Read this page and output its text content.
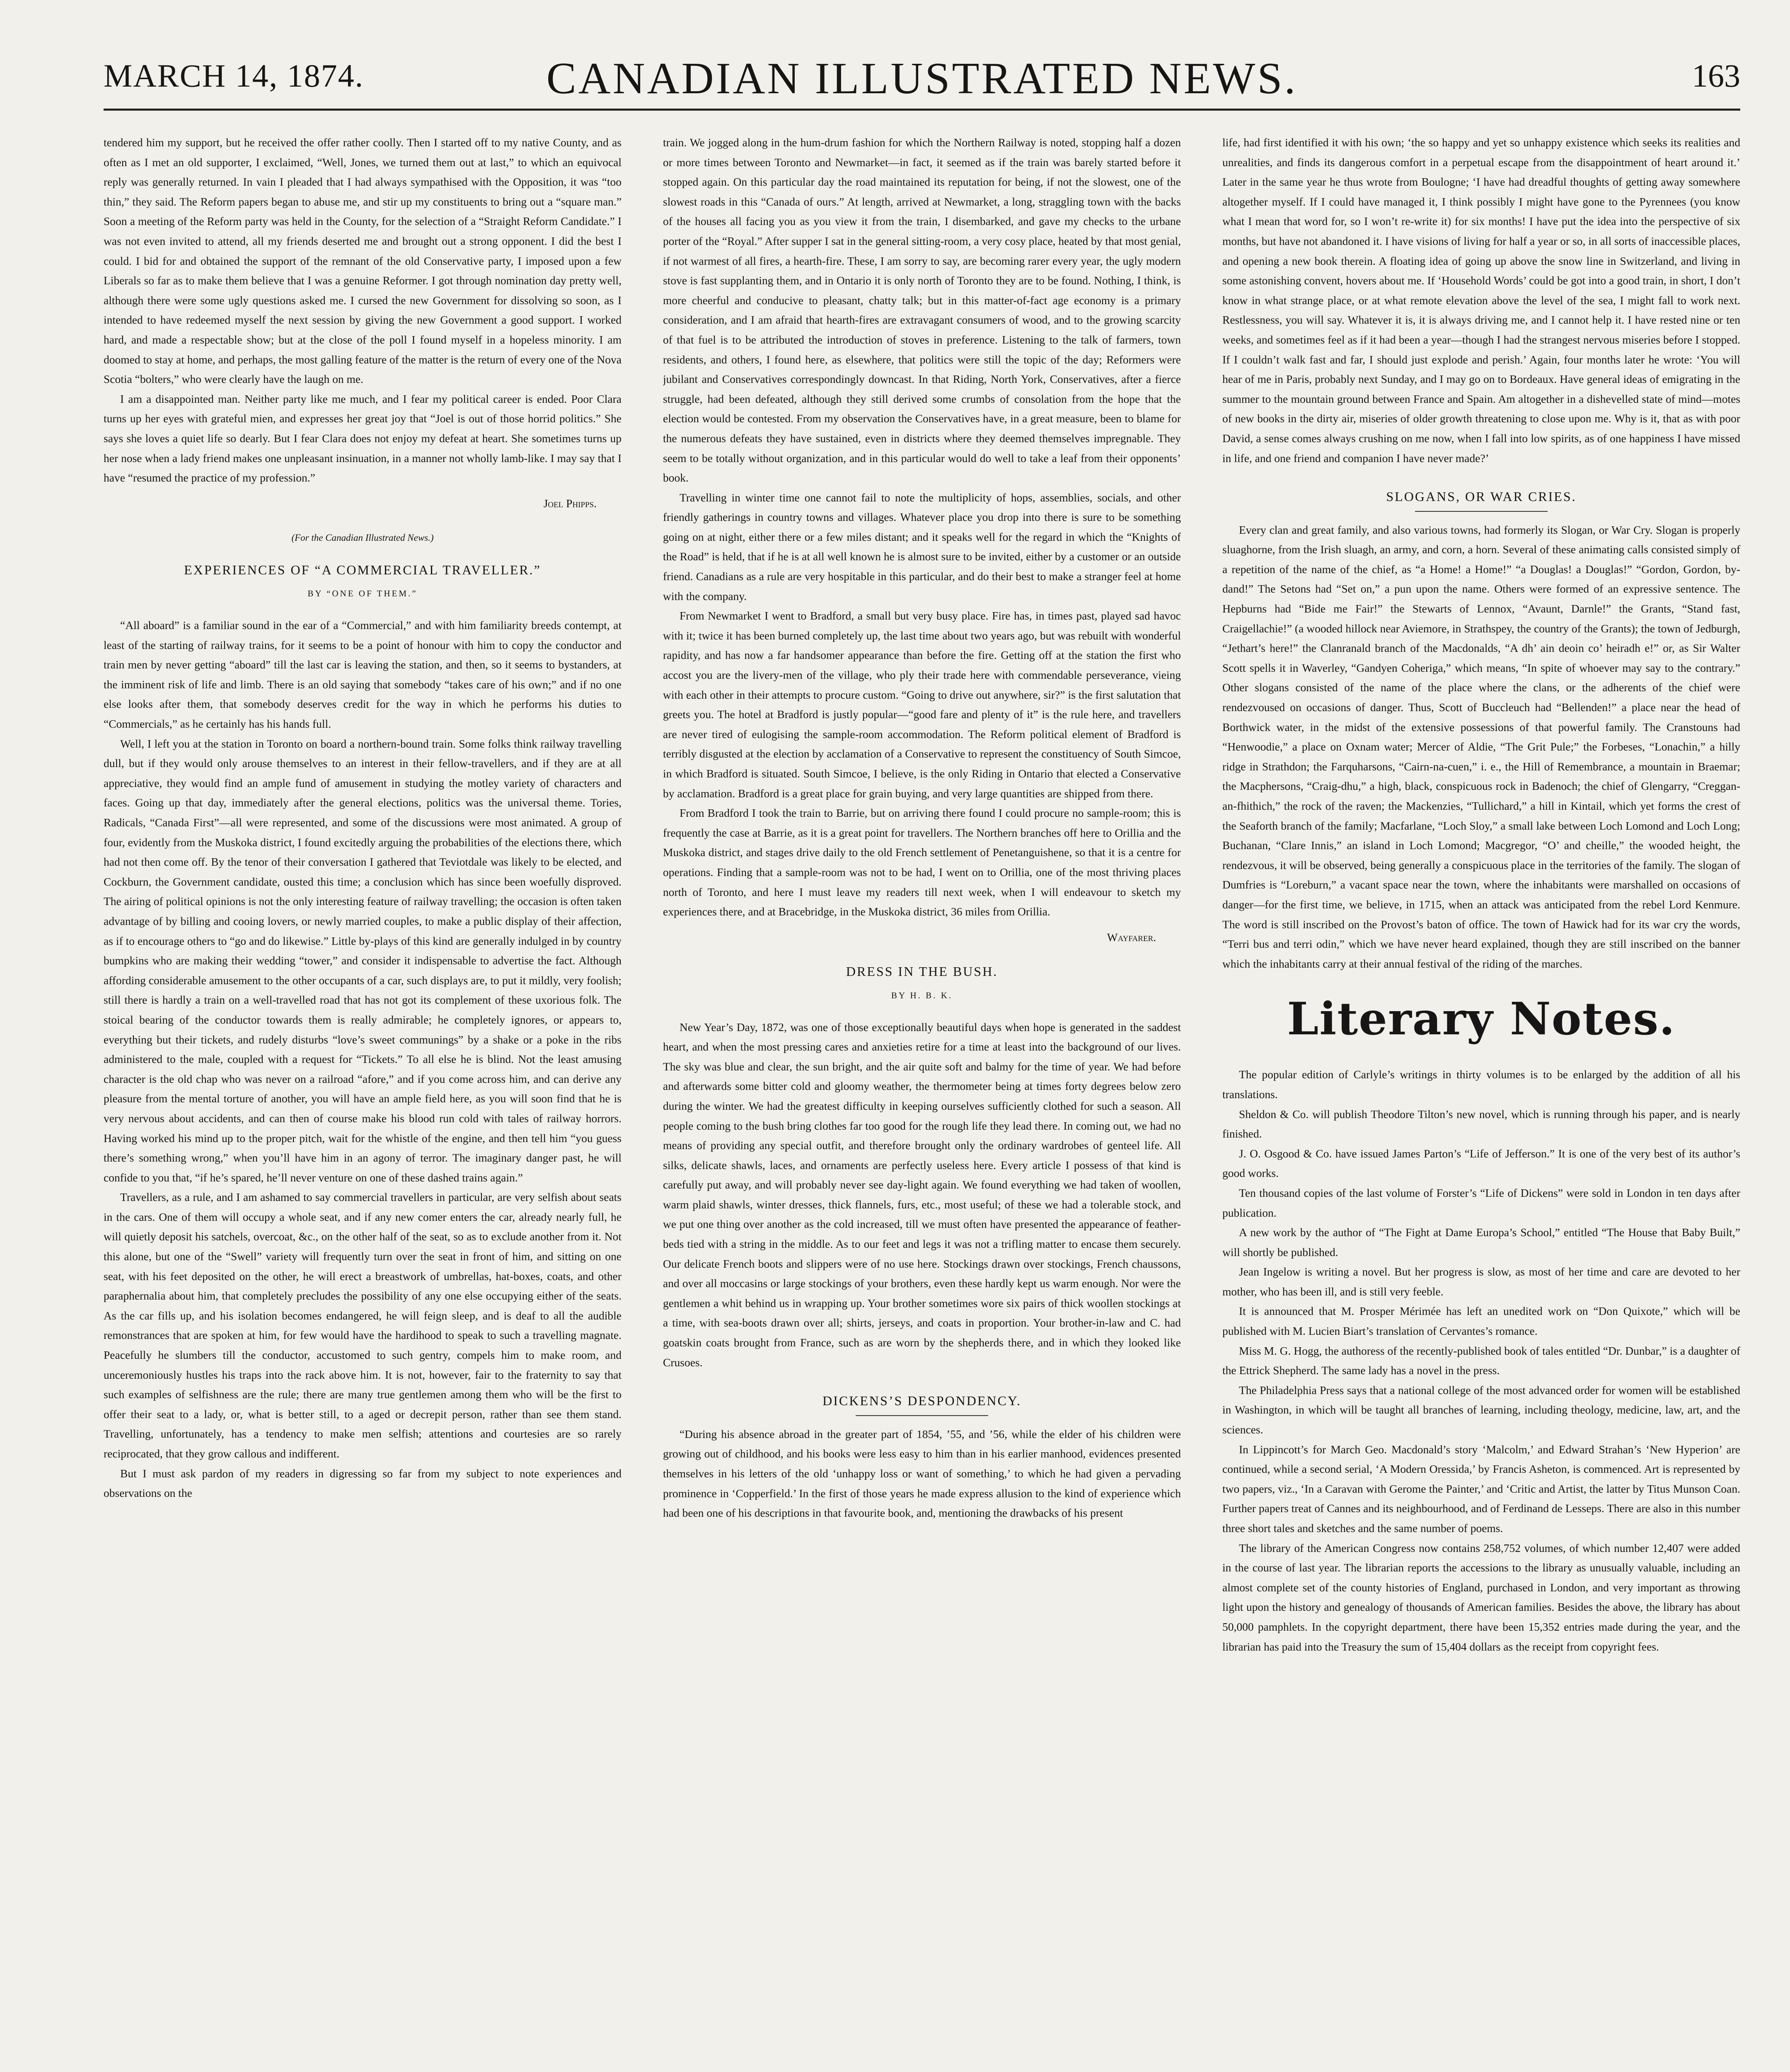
CANADIAN ILLUSTRATED NEWS.
MARCH 14, 1874.	163

tendered him my support, but he received the offer rather coolly. Then I started off to my native County, and as often as I met an old supporter, I exclaimed, “Well, Jones, we turned them out at last,” to which an equivocal reply was generally returned. In vain I pleaded that I had always sympathised with the Opposition, it was “too thin,” they said. The Reform papers began to abuse me, and stir up my constituents to bring out a “square man.” Soon a meeting of the Reform party was held in the County, for the selection of a “Straight Reform Candidate.” I was not even invited to attend, all my friends deserted me and brought out a strong opponent. I did the best I could. I bid for and obtained the support of the remnant of the old Conservative party, I imposed upon a few Liberals so far as to make them believe that I was a genuine Reformer. I got through nomination day pretty well, although there were some ugly questions asked me. I cursed the new Government for dissolving so soon, as I intended to have redeemed myself the next session by giving the new Government a good support. I worked hard, and made a respectable show; but at the close of the poll I found myself in a hopeless minority. I am doomed to stay at home, and perhaps, the most galling feature of the matter is the return of every one of the Nova Scotia “bolters,” who were clearly have the laugh on me.

I am a disappointed man. Neither party like me much, and I fear my political career is ended. Poor Clara turns up her eyes with grateful mien, and expresses her great joy that “Joel is out of those horrid politics.” She says she loves a quiet life so dearly. But I fear Clara does not enjoy my defeat at heart. She sometimes turns up her nose when a lady friend makes one unpleasant insinuation, in a manner not wholly lamb-like. I may say that I have “resumed the practice of my profession.”

Joel Phipps.
(For the Canadian Illustrated News.)
EXPERIENCES OF “A COMMERCIAL TRAVELLER.”
BY “ONE OF THEM.”

“All aboard” is a familiar sound in the ear of a “Commercial,” and with him familiarity breeds contempt, at least of the starting of railway trains, for it seems to be a point of honour with him to copy the conductor and train men by never getting “aboard” till the last car is leaving the station, and then, so it seems to bystanders, at the imminent risk of life and limb. There is an old saying that somebody “takes care of his own;” and if no one else looks after them, that somebody deserves credit for the way in which he performs his duties to “Commercials,” as he certainly has his hands full.

Well, I left you at the station in Toronto on board a northern-bound train. Some folks think railway travelling dull, but if they would only arouse themselves to an interest in their fellow-travellers, and if they are at all appreciative, they would find an ample fund of amusement in studying the motley variety of characters and faces. Going up that day, immediately after the general elections, politics was the universal theme. Tories, Radicals, “Canada First”—all were represented, and some of the discussions were most animated. A group of four, evidently from the Muskoka district, I found excitedly arguing the probabilities of the elections there, which had not then come off. By the tenor of their conversation I gathered that Teviotdale was likely to be elected, and Cockburn, the Government candidate, ousted this time; a conclusion which has since been woefully disproved. The airing of political opinions is not the only interesting feature of railway travelling; the occasion is often taken advantage of by billing and cooing lovers, or newly married couples, to make a public display of their affection, as if to encourage others to “go and do likewise.” Little by-plays of this kind are generally indulged in by country bumpkins who are making their wedding “tower,” and consider it indispensable to advertise the fact. Although affording considerable amusement to the other occupants of a car, such displays are, to put it mildly, very foolish; still there is hardly a train on a well-travelled road that has not got its complement of these uxorious folk. The stoical bearing of the conductor towards them is really admirable; he completely ignores, or appears to, everything but their tickets, and rudely disturbs “love’s sweet communings” by a shake or a poke in the ribs administered to the male, coupled with a request for “Tickets.” To all else he is blind. Not the least amusing character is the old chap who was never on a railroad “afore,” and if you come across him, and can derive any pleasure from the mental torture of another, you will have an ample field here, as you will soon find that he is very nervous about accidents, and can then of course make his blood run cold with tales of railway horrors. Having worked his mind up to the proper pitch, wait for the whistle of the engine, and then tell him “you guess there’s something wrong,” when you’ll have him in an agony of terror. The imaginary danger past, he will confide to you that, “if he’s spared, he’ll never venture on one of these dashed trains again.”

Travellers, as a rule, and I am ashamed to say commercial travellers in particular, are very selfish about seats in the cars. One of them will occupy a whole seat, and if any new comer enters the car, already nearly full, he will quietly deposit his satchels, overcoat, &c., on the other half of the seat, so as to exclude another from it. Not this alone, but one of the “Swell” variety will frequently turn over the seat in front of him, and sitting on one seat, with his feet deposited on the other, he will erect a breastwork of umbrellas, hat-boxes, coats, and other paraphernalia about him, that completely precludes the possibility of any one else occupying either of the seats. As the car fills up, and his isolation becomes endangered, he will feign sleep, and is deaf to all the audible remonstrances that are spoken at him, for few would have the hardihood to speak to such a travelling magnate. Peacefully he slumbers till the conductor, accustomed to such gentry, compels him to make room, and unceremoniously hustles his traps into the rack above him. It is not, however, fair to the fraternity to say that such examples of selfishness are the rule; there are many true gentlemen among them who will be the first to offer their seat to a lady, or, what is better still, to a aged or decrepit person, rather than see them stand. Travelling, unfortunately, has a tendency to make men selfish; attentions and courtesies are so rarely reciprocated, that they grow callous and indifferent.

But I must ask pardon of my readers in digressing so far from my subject to note experiences and observations on the

train. We jogged along in the hum-drum fashion for which the Northern Railway is noted, stopping half a dozen or more times between Toronto and Newmarket—in fact, it seemed as if the train was barely started before it stopped again. On this particular day the road maintained its reputation for being, if not the slowest, one of the slowest roads in this “Canada of ours.” At length, arrived at Newmarket, a long, straggling town with the backs of the houses all facing you as you view it from the train, I disembarked, and gave my checks to the urbane porter of the “Royal.” After supper I sat in the general sitting-room, a very cosy place, heated by that most genial, if not warmest of all fires, a hearth-fire. These, I am sorry to say, are becoming rarer every year, the ugly modern stove is fast supplanting them, and in Ontario it is only north of Toronto they are to be found. Nothing, I think, is more cheerful and conducive to pleasant, chatty talk; but in this matter-of-fact age economy is a primary consideration, and I am afraid that hearth-fires are extravagant consumers of wood, and to the growing scarcity of that fuel is to be attributed the introduction of stoves in preference. Listening to the talk of farmers, town residents, and others, I found here, as elsewhere, that politics were still the topic of the day; Reformers were jubilant and Conservatives correspondingly downcast. In that Riding, North York, Conservatives, after a fierce struggle, had been defeated, although they still derived some crumbs of consolation from the hope that the election would be contested. From my observation the Conservatives have, in a great measure, been to blame for the numerous defeats they have sustained, even in districts where they deemed themselves impregnable. They seem to be totally without organization, and in this particular would do well to take a leaf from their opponents’ book.

Travelling in winter time one cannot fail to note the multiplicity of hops, assemblies, socials, and other friendly gatherings in country towns and villages. Whatever place you drop into there is sure to be something going on at night, either there or a few miles distant; and it speaks well for the regard in which the “Knights of the Road” is held, that if he is at all well known he is almost sure to be invited, either by a customer or an outside friend. Canadians as a rule are very hospitable in this particular, and do their best to make a stranger feel at home with the company.

From Newmarket I went to Bradford, a small but very busy place. Fire has, in times past, played sad havoc with it; twice it has been burned completely up, the last time about two years ago, but was rebuilt with wonderful rapidity, and has now a far handsomer appearance than before the fire. Getting off at the station the first who accost you are the livery-men of the village, who ply their trade here with commendable perseverance, vieing with each other in their attempts to procure custom. “Going to drive out anywhere, sir?” is the first salutation that greets you. The hotel at Bradford is justly popular—“good fare and plenty of it” is the rule here, and travellers are never tired of eulogising the sample-room accommodation. The Reform political element of Bradford is terribly disgusted at the election by acclamation of a Conservative to represent the constituency of South Simcoe, in which Bradford is situated. South Simcoe, I believe, is the only Riding in Ontario that elected a Conservative by acclamation. Bradford is a great place for grain buying, and very large quantities are shipped from there.

From Bradford I took the train to Barrie, but on arriving there found I could procure no sample-room; this is frequently the case at Barrie, as it is a great point for travellers. The Northern branches off here to Orillia and the Muskoka district, and stages drive daily to the old French settlement of Penetanguishene, so that it is a centre for operations. Finding that a sample-room was not to be had, I went on to Orillia, one of the most thriving places north of Toronto, and here I must leave my readers till next week, when I will endeavour to sketch my experiences there, and at Bracebridge, in the Muskoka district, 36 miles from Orillia.

Wayfarer.
DRESS IN THE BUSH.
BY H. B. K.

New Year’s Day, 1872, was one of those exceptionally beautiful days when hope is generated in the saddest heart, and when the most pressing cares and anxieties retire for a time at least into the background of our lives. The sky was blue and clear, the sun bright, and the air quite soft and balmy for the time of year. We had before and afterwards some bitter cold and gloomy weather, the thermometer being at times forty degrees below zero during the winter. We had the greatest difficulty in keeping ourselves sufficiently clothed for such a season. All people coming to the bush bring clothes far too good for the rough life they lead there. In coming out, we had no means of providing any special outfit, and therefore brought only the ordinary wardrobes of genteel life. All silks, delicate shawls, laces, and ornaments are perfectly useless here. Every article I possess of that kind is carefully put away, and will probably never see day-light again. We found everything we had taken of woollen, warm plaid shawls, winter dresses, thick flannels, furs, etc., most useful; of these we had a tolerable stock, and we put one thing over another as the cold increased, till we must often have presented the appearance of feather-beds tied with a string in the middle. As to our feet and legs it was not a trifling matter to encase them securely. Our delicate French boots and slippers were of no use here. Stockings drawn over stockings, French chaussons, and over all moccasins or large stockings of your brothers, even these hardly kept us warm enough. Nor were the gentlemen a whit behind us in wrapping up. Your brother sometimes wore six pairs of thick woollen stockings at a time, with sea-boots drawn over all; shirts, jerseys, and coats in proportion. Your brother-in-law and C. had goatskin coats brought from France, such as are worn by the shepherds there, and in which they looked like Crusoes.

DICKENS’S DESPONDENCY.

“During his absence abroad in the greater part of 1854, ’55, and ’56, while the elder of his children were growing out of childhood, and his books were less easy to him than in his earlier manhood, evidences presented themselves in his letters of the old ‘unhappy loss or want of something,’ to which he had given a pervading prominence in ‘Copperfield.’ In the first of those years he made express allusion to the kind of experience which had been one of his descriptions in that favourite book, and, mentioning the drawbacks of his present

life, had first identified it with his own; ‘the so happy and yet so unhappy existence which seeks its realities and unrealities, and finds its dangerous comfort in a perpetual escape from the disappointment of heart around it.’ Later in the same year he thus wrote from Boulogne; ‘I have had dreadful thoughts of getting away somewhere altogether myself. If I could have managed it, I think possibly I might have gone to the Pyrennees (you know what I mean that word for, so I won’t re-write it) for six months! I have put the idea into the perspective of six months, but have not abandoned it. I have visions of living for half a year or so, in all sorts of inaccessible places, and opening a new book therein. A floating idea of going up above the snow line in Switzerland, and living in some astonishing convent, hovers about me. If ‘Household Words’ could be got into a good train, in short, I don’t know in what strange place, or at what remote elevation above the level of the sea, I might fall to work next. Restlessness, you will say. Whatever it is, it is always driving me, and I cannot help it. I have rested nine or ten weeks, and sometimes feel as if it had been a year—though I had the strangest nervous miseries before I stopped. If I couldn’t walk fast and far, I should just explode and perish.’ Again, four months later he wrote: ‘You will hear of me in Paris, probably next Sunday, and I may go on to Bordeaux. Have general ideas of emigrating in the summer to the mountain ground between France and Spain. Am altogether in a dishevelled state of mind—motes of new books in the dirty air, miseries of older growth threatening to close upon me. Why is it, that as with poor David, a sense comes always crushing on me now, when I fall into low spirits, as of one happiness I have missed in life, and one friend and companion I have never made?’

SLOGANS, OR WAR CRIES.

Every clan and great family, and also various towns, had formerly its Slogan, or War Cry. Slogan is properly sluaghorne, from the Irish sluagh, an army, and corn, a horn. Several of these animating calls consisted simply of a repetition of the name of the chief, as “a Home! a Home!” “a Douglas! a Douglas!” “Gordon, Gordon, by-dand!” The Setons had “Set on,” a pun upon the name. Others were formed of an expressive sentence. The Hepburns had “Bide me Fair!” the Stewarts of Lennox, “Avaunt, Darnle!” the Grants, “Stand fast, Craigellachie!” (a wooded hillock near Aviemore, in Strathspey, the country of the Grants); the town of Jedburgh, “Jethart’s here!” the Clanranald branch of the Macdonalds, “A dh’ ain deoin co’ heiradh e!” or, as Sir Walter Scott spells it in Waverley, “Gandyen Coheriga,” which means, “In spite of whoever may say to the contrary.” Other slogans consisted of the name of the place where the clans, or the adherents of the chief were rendezvoused on occasions of danger. Thus, Scott of Buccleuch had “Bellenden!” a place near the head of Borthwick water, in the midst of the extensive possessions of that powerful family. The Cranstouns had “Henwoodie,” a place on Oxnam water; Mercer of Aldie, “The Grit Pule;” the Forbeses, “Lonachin,” a hilly ridge in Strathdon; the Farquharsons, “Cairn-na-cuen,” i. e., the Hill of Remembrance, a mountain in Braemar; the Macphersons, “Craig-dhu,” a high, black, conspicuous rock in Badenoch; the chief of Glengarry, “Creggan-an-fhithich,” the rock of the raven; the Mackenzies, “Tullichard,” a hill in Kintail, which yet forms the crest of the Seaforth branch of the family; Macfarlane, “Loch Sloy,” a small lake between Loch Lomond and Loch Long; Buchanan, “Clare Innis,” an island in Loch Lomond; Macgregor, “O’ and cheille,” the wooded height, the rendezvous, it will be observed, being generally a conspicuous place in the territories of the family. The slogan of Dumfries is “Loreburn,” a vacant space near the town, where the inhabitants were marshalled on occasions of danger—for the first time, we believe, in 1715, when an attack was anticipated from the rebel Lord Kenmure. The word is still inscribed on the Provost’s baton of office. The town of Hawick had for its war cry the words, “Terri bus and terri odin,” which we have never heard explained, though they are still inscribed on the banner which the inhabitants carry at their annual festival of the riding of the marches.

Literary Notes.

The popular edition of Carlyle’s writings in thirty volumes is to be enlarged by the addition of all his translations.

Sheldon & Co. will publish Theodore Tilton’s new novel, which is running through his paper, and is nearly finished.

J. O. Osgood & Co. have issued James Parton’s “Life of Jefferson.” It is one of the very best of its author’s good works.

Ten thousand copies of the last volume of Forster’s “Life of Dickens” were sold in London in ten days after publication.

A new work by the author of “The Fight at Dame Europa’s School,” entitled “The House that Baby Built,” will shortly be published.

Jean Ingelow is writing a novel. But her progress is slow, as most of her time and care are devoted to her mother, who has been ill, and is still very feeble.

It is announced that M. Prosper Mérimée has left an unedited work on “Don Quixote,” which will be published with M. Lucien Biart’s translation of Cervantes’s romance.

Miss M. G. Hogg, the authoress of the recently-published book of tales entitled “Dr. Dunbar,” is a daughter of the Ettrick Shepherd. The same lady has a novel in the press.

The Philadelphia Press says that a national college of the most advanced order for women will be established in Washington, in which will be taught all branches of learning, including theology, medicine, law, art, and the sciences.

In Lippincott’s for March Geo. Macdonald’s story ‘Malcolm,’ and Edward Strahan’s ‘New Hyperion’ are continued, while a second serial, ‘A Modern Oressida,’ by Francis Asheton, is commenced. Art is represented by two papers, viz., ‘In a Caravan with Gerome the Painter,’ and ‘Critic and Artist, the latter by Titus Munson Coan. Further papers treat of Cannes and its neighbourhood, and of Ferdinand de Lesseps. There are also in this number three short tales and sketches and the same number of poems.

The library of the American Congress now contains 258,752 volumes, of which number 12,407 were added in the course of last year. The librarian reports the accessions to the library as unusually valuable, including an almost complete set of the county histories of England, purchased in London, and very important as throwing light upon the history and genealogy of thousands of American families. Besides the above, the library has about 50,000 pamphlets. In the copyright department, there have been 15,352 entries made during the year, and the librarian has paid into the Treasury the sum of 15,404 dollars as the receipt from copyright fees.
